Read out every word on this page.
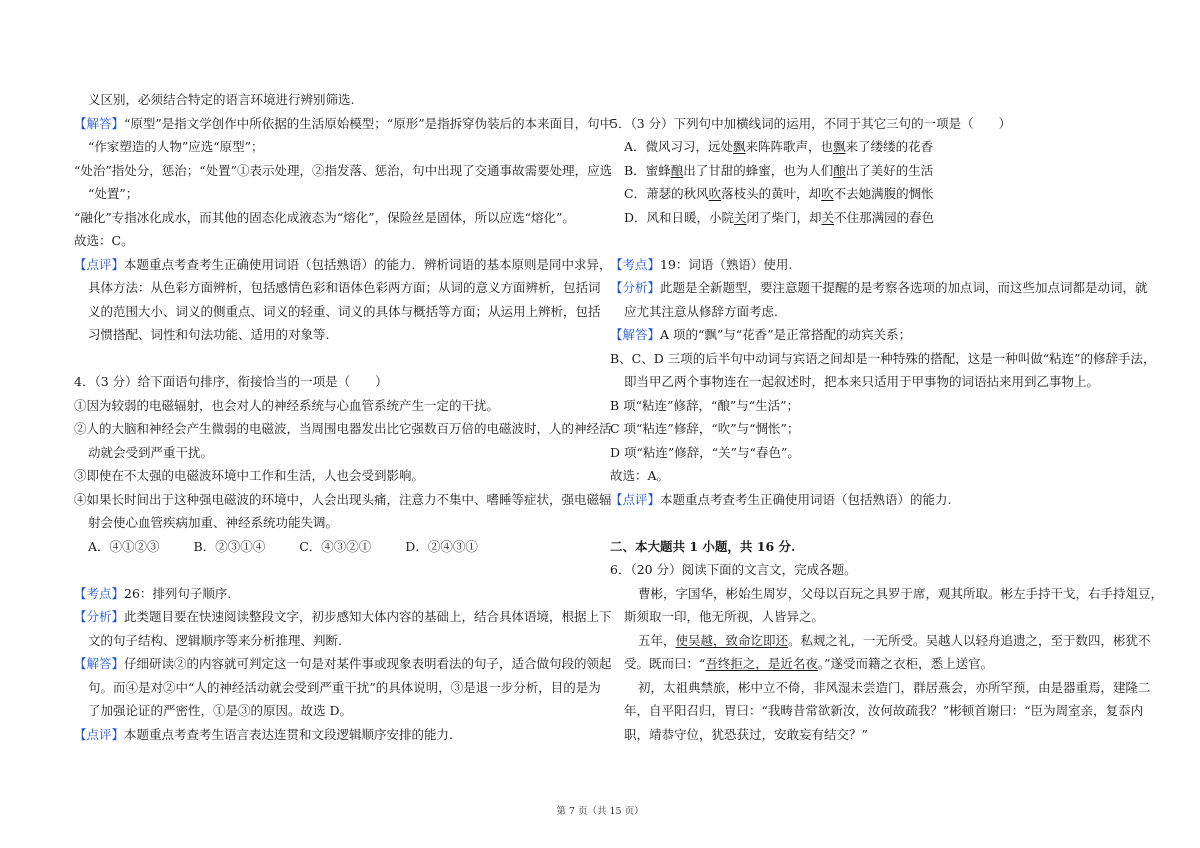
义区别，必须结合特定的语言环境进行辨别筛选.
【解答】“原型”是指文学创作中所依据的生活原始模型；“原形”是指拆穿伪装后的本来面目，句中
“作家塑造的人物”应选“原型”；
“处治”指处分，惩治；“处置”①表示处理，②指发落、惩治，句中出现了交通事故需要处理，应选
“处置”；
“融化”专指冰化成水，而其他的固态化成液态为“熔化”，保险丝是固体，所以应选“熔化”。
故选：C。
【点评】本题重点考查考生正确使用词语（包括熟语）的能力．辨析词语的基本原则是同中求异，
具体方法：从色彩方面辨析，包括感情色彩和语体色彩两方面；从词的意义方面辨析，包括词
义的范围大小、词义的侧重点、词义的轻重、词义的具体与概括等方面；从运用上辨析，包括
习惯搭配、词性和句法功能、适用的对象等.
4．（3 分）给下面语句排序，衔接恰当的一项是（　　）
①因为较弱的电磁辐射，也会对人的神经系统与心血管系统产生一定的干扰。
②人的大脑和神经会产生微弱的电磁波，当周围电器发出比它强数百万倍的电磁波时，人的神经活
动就会受到严重干扰。
③即使在不太强的电磁波环境中工作和生活，人也会受到影响。
④如果长时间出于这种强电磁波的环境中，人会出现头痛，注意力不集中、嗜睡等症状，强电磁辐
射会使心血管疾病加重、神经系统功能失调。
A．④①②③	B．②③①④	C．④③②①	D．②④③①
【考点】26：排列句子顺序.
【分析】此类题目要在快速阅读整段文字，初步感知大体内容的基础上，结合具体语境，根据上下
文的句子结构、逻辑顺序等来分析推理、判断.
【解答】仔细研读②的内容就可判定这一句是对某件事或现象表明看法的句子，适合做句段的领起
句。而④是对②中“人的神经活动就会受到严重干扰”的具体说明，③是退一步分析，目的是为
了加强论证的严密性，①是③的原因。故选 D。
【点评】本题重点考查考生语言表达连贯和文段逻辑顺序安排的能力.
5．（3 分）下列句中加横线词的运用，不同于其它三句的一项是（　　）
A．微风习习，远处飘来阵阵歌声，也飘来了缕缕的花香
B．蜜蜂酿出了甘甜的蜂蜜，也为人们酿出了美好的生活
C．萧瑟的秋风吹落枝头的黄叶，却吹不去她满腹的惆怅
D．风和日暖，小院关闭了柴门，却关不住那满园的春色
【考点】19：词语（熟语）使用.
【分析】此题是全新题型，要注意题干提醒的是考察各选项的加点词，而这些加点词都是动词，就
应尤其注意从修辞方面考虑.
【解答】A 项的“飘”与“花香”是正常搭配的动宾关系；
B、C、D 三项的后半句中动词与宾语之间却是一种特殊的搭配，这是一种叫做“粘连”的修辞手法，
即当甲乙两个事物连在一起叙述时，把本来只适用于甲事物的词语拈来用到乙事物上。
B 项“粘连”修辞，“酿”与“生活”；
C 项“粘连”修辞，“吹”与“惆怅”；
D 项“粘连”修辞，“关”与“春色”。
故选：A。
【点评】本题重点考查考生正确使用词语（包括熟语）的能力.
二、本大题共 1 小题，共 16 分.
6．（20 分）阅读下面的文言文，完成各题。
曹彬，字国华，彬始生周岁，父母以百玩之具罗于席，观其所取。彬左手持干戈，右手持俎豆，
斯须取一印，他无所视，人皆异之。
五年，使吴越，致命讫即还。私觌之礼，一无所受。吴越人以轻舟追遗之，至于数四，彬犹不
受。既而曰：“吾终拒之，是近名夜。”遂受而籍之衣柜，悉上送官。
初，太祖典禁旅，彬中立不倚，非风湿未尝造门，群居燕会，亦所罕预，由是器重焉，建隆二
年，自平阳召归，胃曰：“我畴昔常欲新汝，汝何故疏我？”彬顿首谢曰：“臣为周室亲，复忝内
职，靖恭守位，犹恐获过，安敢妄有结交？”
第 7 页（共 15 页）
